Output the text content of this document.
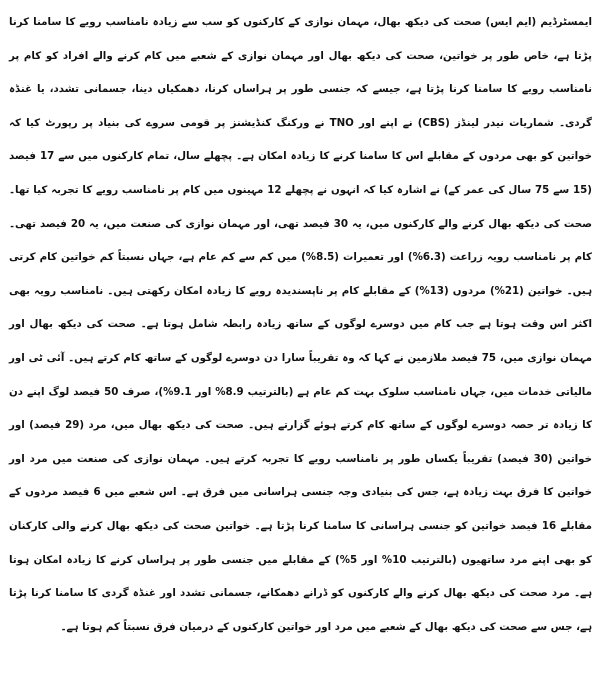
ایمسٹرڈیم (ایم ایس) صحت کی دیکھ بھال، مہمان نوازی کے کارکنوں کو سب سے زیادہ نامناسب رویے کا سامنا کرنا پڑتا ہے، خاص طور پر خواتین، صحت کی دیکھ بھال اور مہمان نوازی کے شعبے میں کام کرنے والے افراد کو کام پر نامناسب رویے کا سامنا کرنا پڑتا ہے، جیسے کہ جنسی طور پر ہراساں کرنا، دھمکیاں دینا، جسمانی تشدد، یا غنڈہ گردی۔ شماریات نیدر لینڈز (CBS) نے اپنے اور TNO نے ورکنگ کنڈیشنز پر قومی سروے کی بنیاد پر رپورٹ کیا کہ خواتین کو بھی مردوں کے مقابلے اس کا سامنا کرنے کا زیادہ امکان ہے۔ پچھلے سال، تمام کارکنوں میں سے 17 فیصد (15 سے 75 سال کی عمر کے) نے اشارہ کیا کہ انہوں نے پچھلے 12 مہینوں میں کام پر نامناسب رویے کا تجربہ کیا تھا۔ صحت کی دیکھ بھال کرنے والے کارکنوں میں، یہ 30 فیصد تھی، اور مہمان نوازی کی صنعت میں، یہ 20 فیصد تھی۔ کام پر نامناسب رویہ زراعت (6.3%) اور تعمیرات (8.5%) میں کم سے کم عام ہے، جہاں نسبتاً کم خواتین کام کرتی ہیں۔ خواتین (21%) مردوں (13%) کے مقابلے کام پر ناپسندیدہ رویے کا زیادہ امکان رکھتی ہیں۔ نامناسب رویہ بھی اکثر اس وقت ہوتا ہے جب کام میں دوسرے لوگوں کے ساتھ زیادہ رابطہ شامل ہوتا ہے۔ صحت کی دیکھ بھال اور مہمان نوازی میں، 75 فیصد ملازمین نے کہا کہ وہ تقریباً سارا دن دوسرے لوگوں کے ساتھ کام کرتے ہیں۔ آئی ٹی اور مالیاتی خدمات میں، جہاں نامناسب سلوک بہت کم عام ہے (بالترتیب 8.9% اور 9.1%)، صرف 50 فیصد لوگ اپنے دن کا زیادہ تر حصہ دوسرے لوگوں کے ساتھ کام کرتے ہوئے گزارتے ہیں۔ صحت کی دیکھ بھال میں، مرد (29 فیصد) اور خواتین (30 فیصد) تقریباً یکساں طور پر نامناسب رویے کا تجربہ کرتے ہیں۔ مہمان نوازی کی صنعت میں مرد اور خواتین کا فرق بہت زیادہ ہے، جس کی بنیادی وجہ جنسی ہراسانی میں فرق ہے۔ اس شعبے میں 6 فیصد مردوں کے مقابلے 16 فیصد خواتین کو جنسی ہراسانی کا سامنا کرنا پڑتا ہے۔ خواتین صحت کی دیکھ بھال کرنے والی کارکنان کو بھی اپنے مرد ساتھیوں (بالترتیب 10% اور 5%) کے مقابلے میں جنسی طور پر ہراساں کرنے کا زیادہ امکان ہوتا ہے۔ مرد صحت کی دیکھ بھال کرنے والے کارکنوں کو ڈرانے دھمکانے، جسمانی تشدد اور غنڈہ گردی کا سامنا کرنا پڑتا ہے، جس سے صحت کی دیکھ بھال کے شعبے میں مرد اور خواتین کارکنوں کے درمیان فرق نسبتاً کم ہوتا ہے۔
